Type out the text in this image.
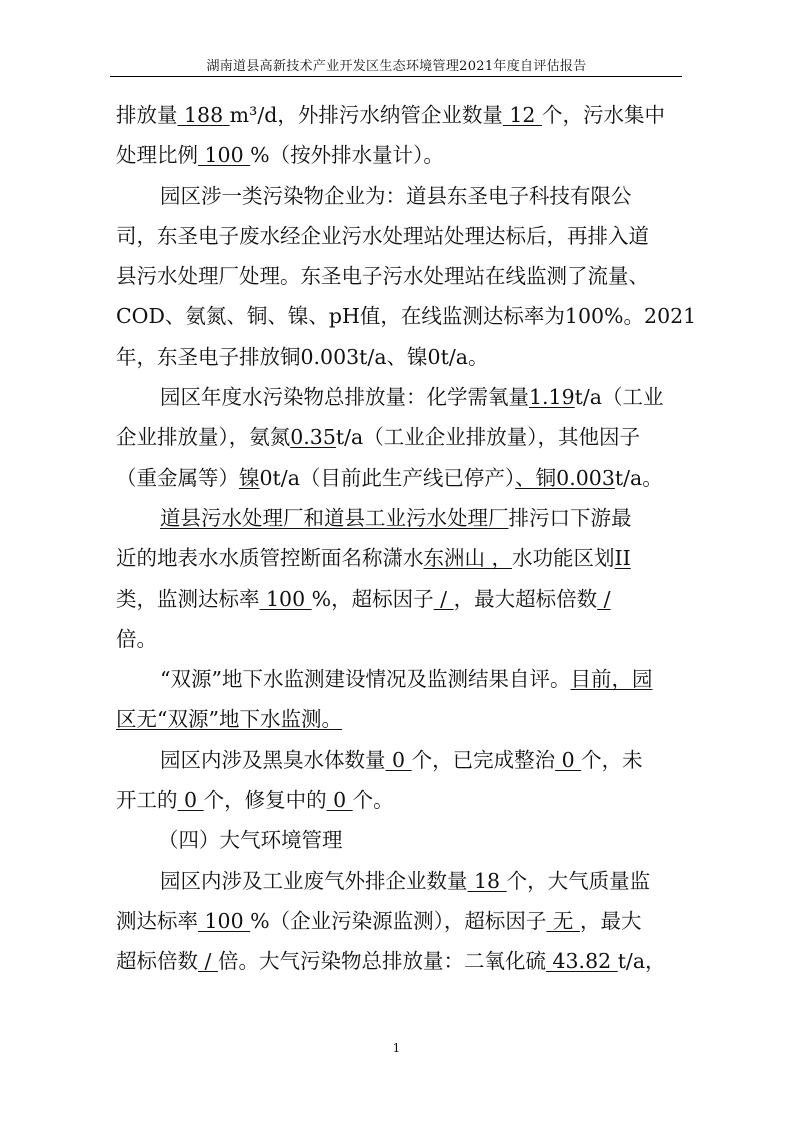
湖南道县高新技术产业开发区生态环境管理2021年度自评估报告
排放量 188 m³/d，外排污水纳管企业数量 12 个，污水集中
处理比例 100 %（按外排水量计）。
园区涉一类污染物企业为：道县东圣电子科技有限公
司，东圣电子废水经企业污水处理站处理达标后，再排入道
县污水处理厂处理。东圣电子污水处理站在线监测了流量、
COD、氨氮、铜、镍、pH值，在线监测达标率为100%。2021
年，东圣电子排放铜0.003t/a、镍0t/a。
园区年度水污染物总排放量：化学需氧量1.19t/a（工业
企业排放量），氨氮0.35t/a（工业企业排放量），其他因子
（重金属等）镍0t/a（目前此生产线已停产）、铜0.003t/a。
道县污水处理厂和道县工业污水处理厂排污口下游最
近的地表水水质管控断面名称潇水东洲山 ，水功能区划II
类，监测达标率 100 %，超标因子 / ，最大超标倍数 /
倍。
“双源”地下水监测建设情况及监测结果自评。目前，园
区无“双源”地下水监测。
园区内涉及黑臭水体数量 0 个，已完成整治 0 个，未
开工的 0 个，修复中的 0 个。
（四）大气环境管理
园区内涉及工业废气外排企业数量 18 个，大气质量监
测达标率 100 %（企业污染源监测），超标因子 无 ，最大
超标倍数 / 倍。大气污染物总排放量：二氧化硫 43.82 t/a，
1
